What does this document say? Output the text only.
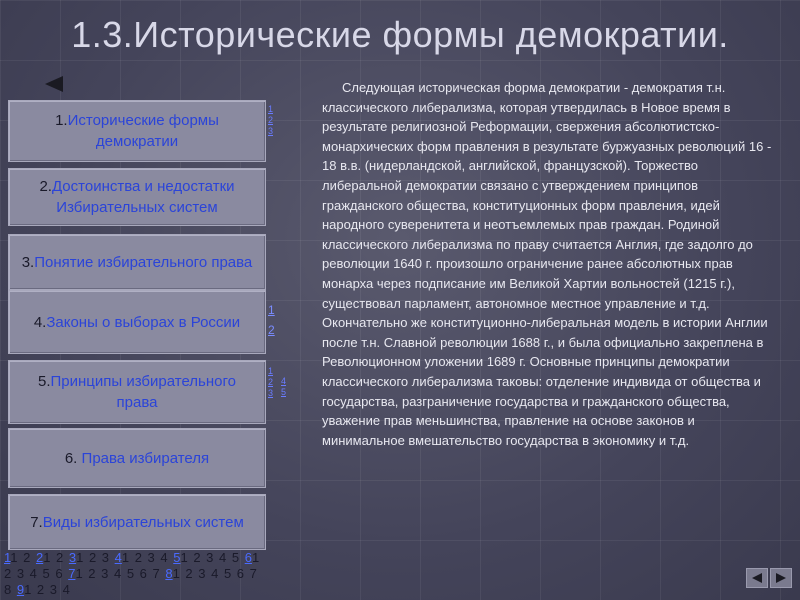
1.3.Исторические формы демократии.
1.Исторические формы демократии
2.Достоинства и недостатки Избирательных систем
3.Понятие избирательного права
4.Законы о выборах в России
5.Принципы избирательного права
6. Права избирателя
7.Виды избирательных систем
1
2
3
1
2
1
2
3
4
5

Следующая историческая форма демократии - демократия т.н. классического либерализма, которая утвердилась в Новое время в результате религиозной Реформации, свержения абсолютистско-монархических форм правления в результате буржуазных революций 16 - 18 в.в. (нидерландской, английской, французской). Торжество либеральной демократии связано с утверждением принципов гражданского общества, конституционных форм правления, идей народного суверенитета и неотъемлемых прав граждан. Родиной классического либерализма по праву считается Англия, где задолго до революции 1640 г. произошло ограничение ранее абсолютных прав монарха через подписание им Великой Хартии вольностей (1215 г.), существовал парламент, автономное местное управление и т.д. Окончательно же конституционно-либеральная модель в истории Англии после т.н. Славной революции 1688 г., и была официально закреплена в Революционном уложении 1689 г. Основные принципы демократии классического либерализма таковы: отделение индивида от общества и государства, разграничение государства и гражданского общества, уважение прав меньшинства, правление на основе законов и минимальное вмешательство государства в экономику и т.д.

11 2 21 2 31 2 3 41 2 3 4 51 2 3 4 5 61 2 3 4 5 6 71 2 3 4 5 6 7 81 2 3 4 5 6 7 8 91 2 3 4
